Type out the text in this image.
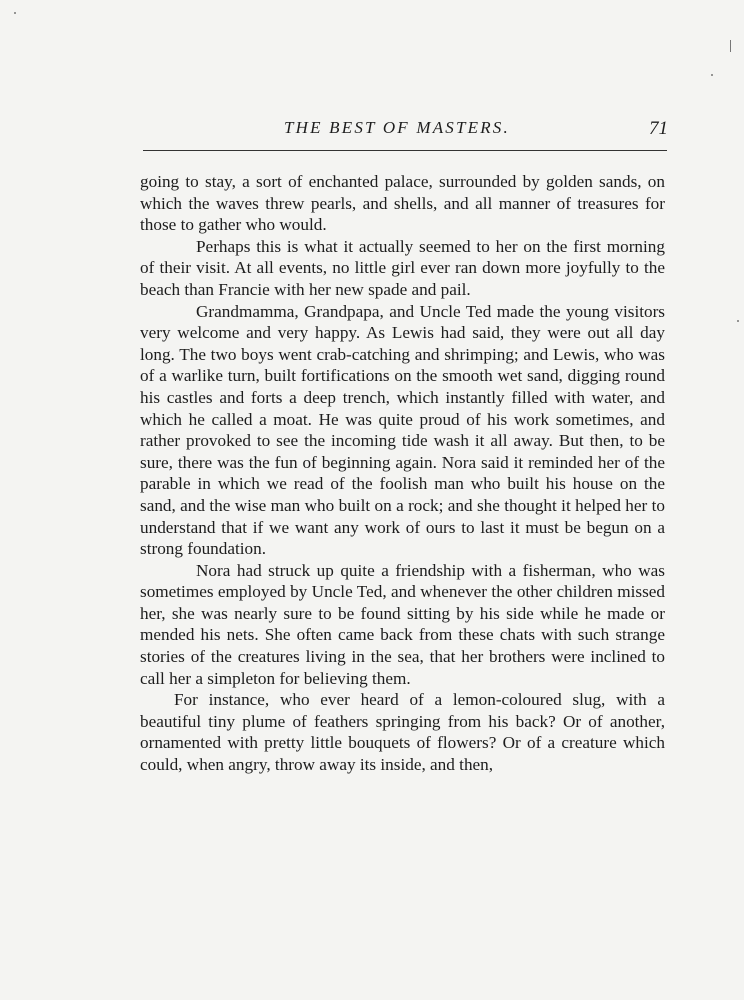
THE BEST OF MASTERS.	71

going to stay, a sort of enchanted palace, surrounded by golden sands, on which the waves threw pearls, and shells, and all manner of treasures for those to gather who would.

Perhaps this is what it actually seemed to her on the first morning of their visit. At all events, no little girl ever ran down more joyfully to the beach than Francie with her new spade and pail.

Grandmamma, Grandpapa, and Uncle Ted made the young visitors very welcome and very happy. As Lewis had said, they were out all day long. The two boys went crab-catching and shrimping; and Lewis, who was of a warlike turn, built fortifications on the smooth wet sand, digging round his castles and forts a deep trench, which instantly filled with water, and which he called a moat. He was quite proud of his work sometimes, and rather provoked to see the incoming tide wash it all away. But then, to be sure, there was the fun of beginning again. Nora said it reminded her of the parable in which we read of the foolish man who built his house on the sand, and the wise man who built on a rock; and she thought it helped her to understand that if we want any work of ours to last it must be begun on a strong foundation.

Nora had struck up quite a friendship with a fisherman, who was sometimes employed by Uncle Ted, and whenever the other children missed her, she was nearly sure to be found sitting by his side while he made or mended his nets. She often came back from these chats with such strange stories of the creatures living in the sea, that her brothers were inclined to call her a simpleton for believing them.

For instance, who ever heard of a lemon-coloured slug, with a beautiful tiny plume of feathers springing from his back? Or of another, ornamented with pretty little bouquets of flowers? Or of a creature which could, when angry, throw away its inside, and then,
